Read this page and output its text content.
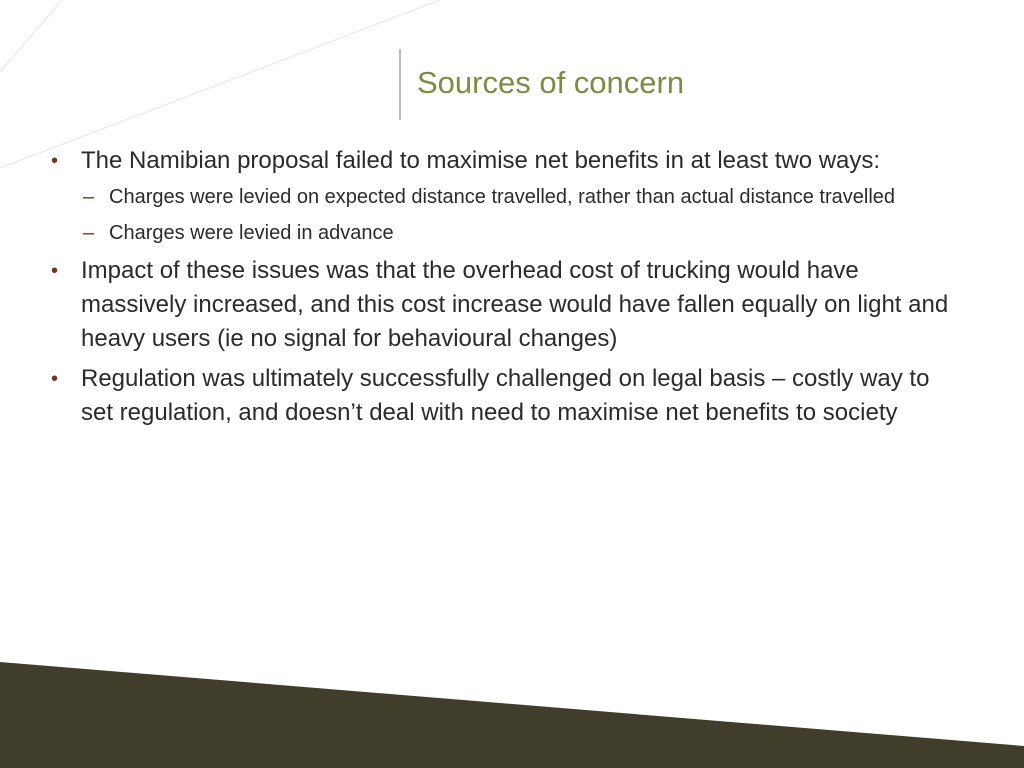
Sources of concern
• The Namibian proposal failed to maximise net benefits in at least two ways:
– Charges were levied on expected distance travelled, rather than actual distance travelled
– Charges were levied in advance
• Impact of these issues was that the overhead cost of trucking would have massively increased, and this cost increase would have fallen equally on light and heavy users (ie no signal for behavioural changes)
• Regulation was ultimately successfully challenged on legal basis – costly way to set regulation, and doesn’t deal with need to maximise net benefits to society
12
